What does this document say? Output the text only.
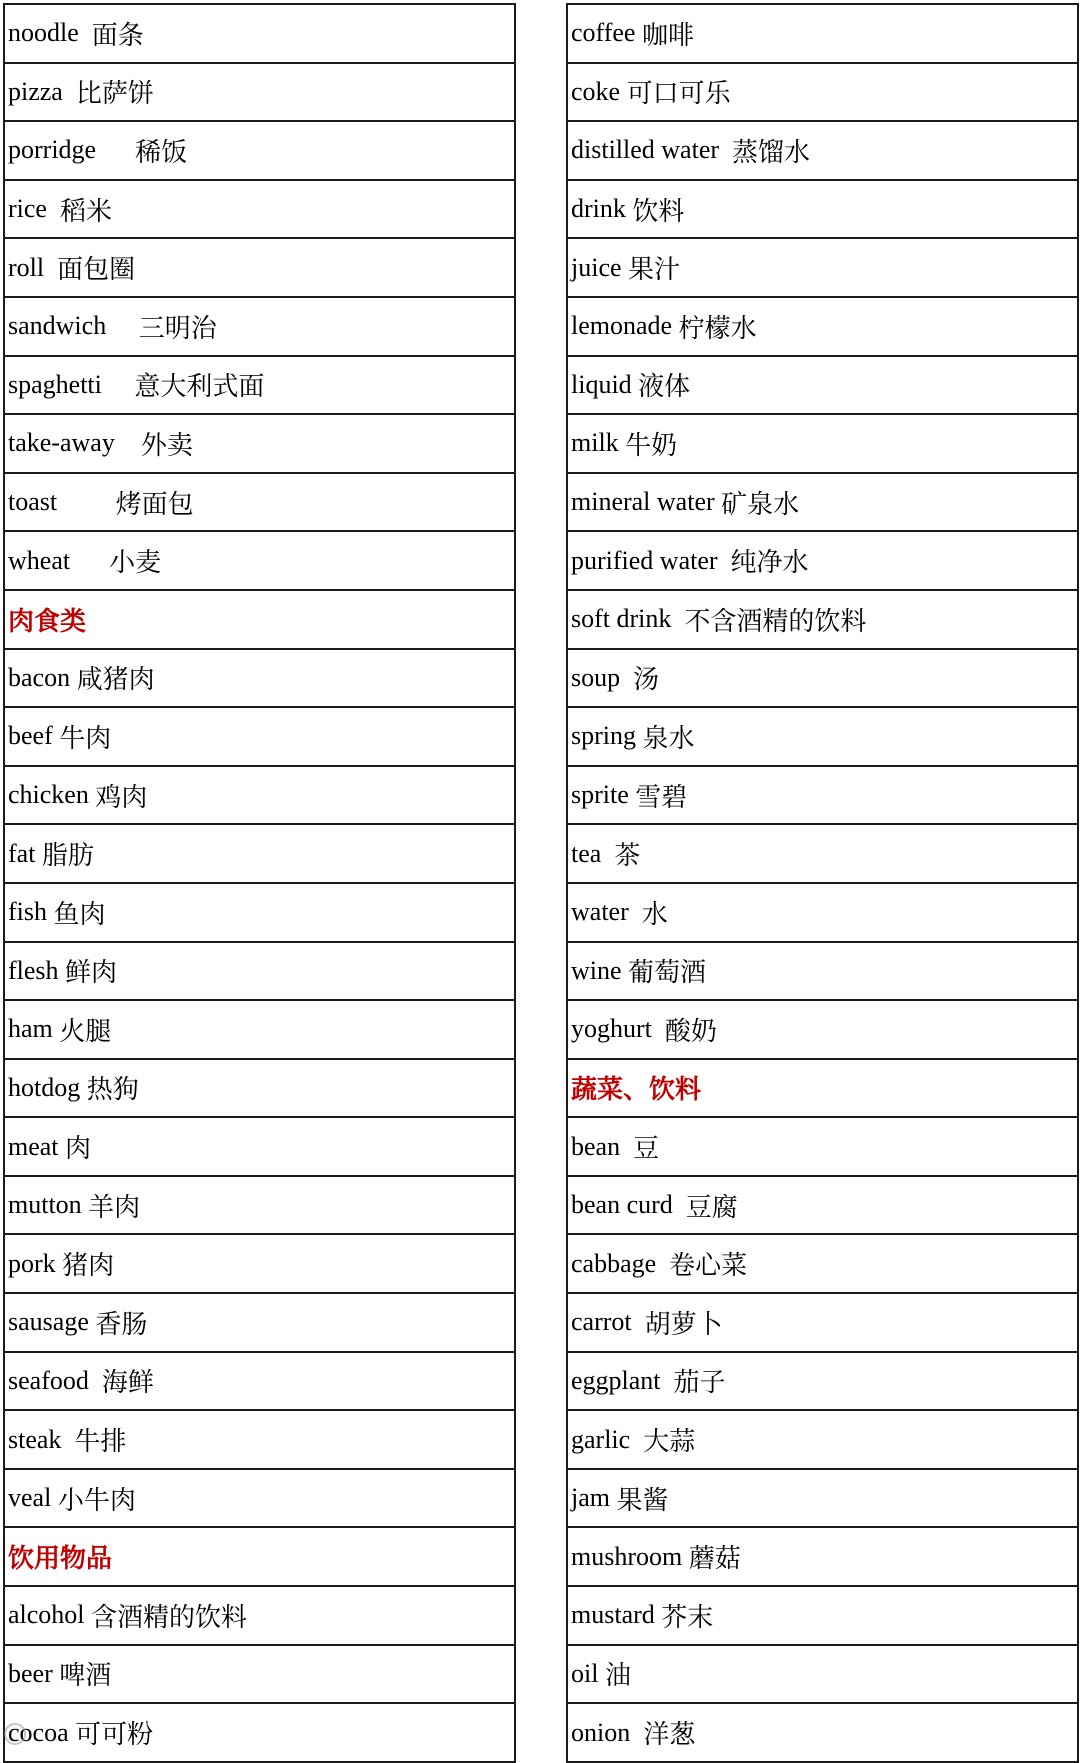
noodle 面条
pizza 比萨饼
porridge 稀饭
rice 稻米
roll 面包圈
sandwich 三明治
spaghetti 意大利式面
take-away 外卖
toast 烤面包
wheat 小麦
肉食类
bacon 咸猪肉
beef 牛肉
chicken 鸡肉
fat 脂肪
fish 鱼肉
flesh 鲜肉
ham 火腿
hotdog 热狗
meat 肉
mutton 羊肉
pork 猪肉
sausage 香肠
seafood 海鲜
steak 牛排
veal 小牛肉
饮用物品
alcohol 含酒精的饮料
beer 啤酒
cocoa 可可粉
coffee 咖啡
coke 可口可乐
distilled water 蒸馏水
drink 饮料
juice 果汁
lemonade 柠檬水
liquid 液体
milk 牛奶
mineral water 矿泉水
purified water 纯净水
soft drink 不含酒精的饮料
soup 汤
spring 泉水
sprite 雪碧
tea 茶
water 水
wine 葡萄酒
yoghurt 酸奶
蔬菜、饮料
bean 豆
bean curd 豆腐
cabbage 卷心菜
carrot 胡萝卜
eggplant 茄子
garlic 大蒜
jam 果酱
mushroom 蘑菇
mustard 芥末
oil 油
onion 洋葱
